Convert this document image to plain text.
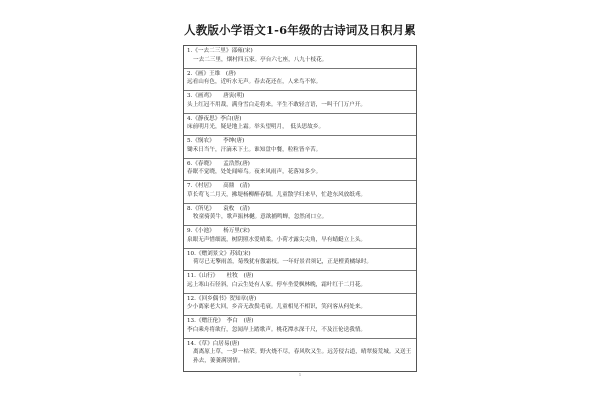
人教版小学语文1-6年级的古诗词及日积月累
1.《一去二三里》邵雍(宋)
一去二三里，烟村四五家。亭台六七座，八九十枝花。
2.《画》王维　(唐)
远看山有色，近听水无声。春去花还在，人来鸟不惊。
3.《画鸡》　　唐寅(明)
头上红冠不用裁，满身雪白走将来。平生不敢轻言语，一叫千门万户开。
4.《静夜思》李白(唐)
床前明月光，疑是地上霜。举头望明月，　低头思故乡。
5.《悯农》　　李绅(唐)
锄禾日当午，汗滴禾下土。谁知盘中餐，粒粒皆辛苦。
6.《春晓》　　孟浩然(唐)
春眠不觉晓，处处闻啼鸟。夜来风雨声，花落知多少。
7.《村居》　　高鼎　(清)
草长莺飞二月天，拂堤杨柳醉春烟。儿童散学归来早，忙趁东风放纸鸢。
8.《所见》　　袁枚　(清)
牧童骑黄牛，歌声振林樾。意欲捕鸣蝉，忽然闭口立。
9.《小池》　　杨万里(宋)
泉眼无声惜细流，树阴照水爱晴柔。小荷才露尖尖角，早有蜻蜓立上头。
10.《赠刘景文》苏轼(宋)
荷尽已无擎雨盖，菊残犹有傲霜枝。一年好景君须记，正是橙黄橘绿时。
11.《山行》　　杜牧　(唐)
远上寒山石径斜，白云生处有人家。停车坐爱枫林晚，霜叶红于二月花。
12.《回乡偶书》贺知章(唐)
少小离家老大回，乡音无改鬓毛衰。儿童相见不相识，笑问客从何处来。
13.《赠汪伦》　李白　(唐)
李白乘舟将欲行，忽闻岸上踏歌声。桃花潭水深千尺，不及汪伦送我情。
14.《草》白居易(唐)
离离原上草，一岁一枯荣。野火烧不尽，春风吹又生。远芳侵古道，晴翠接荒城。又送王孙去，萋萋满别情。
1
